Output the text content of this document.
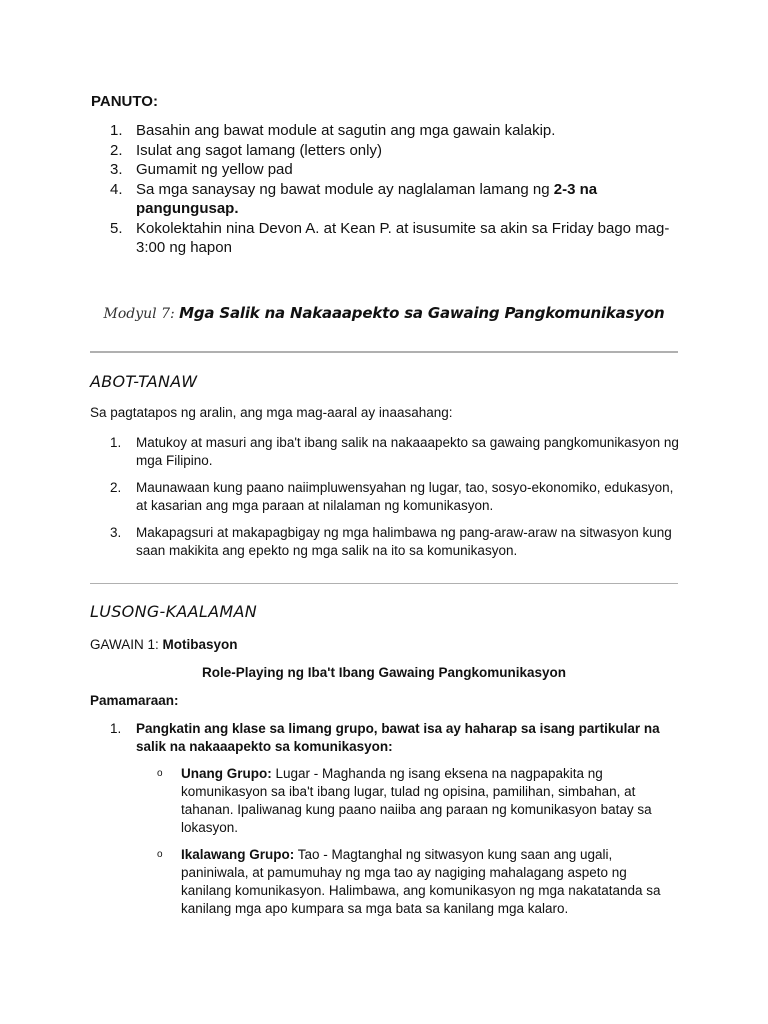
PANUTO:
1. Basahin ang bawat module at sagutin ang mga gawain kalakip.
2. Isulat ang sagot lamang (letters only)
3. Gumamit ng yellow pad
4. Sa mga sanaysay ng bawat module ay naglalaman lamang ng 2-3 na pangungusap.
5. Kokolektahin nina Devon A. at Kean P. at isusumite sa akin sa Friday bago mag-3:00 ng hapon
Modyul 7: Mga Salik na Nakaaapekto sa Gawaing Pangkomunikasyon
ABOT-TANAW
Sa pagtatapos ng aralin, ang mga mag-aaral ay inaasahang:
1. Matukoy at masuri ang iba't ibang salik na nakaaapekto sa gawaing pangkomunikasyon ng mga Filipino.
2. Maunawaan kung paano naiimpluwensyahan ng lugar, tao, sosyo-ekonomiko, edukasyon, at kasarian ang mga paraan at nilalaman ng komunikasyon.
3. Makapagsuri at makapagbigay ng mga halimbawa ng pang-araw-araw na sitwasyon kung saan makikita ang epekto ng mga salik na ito sa komunikasyon.
LUSONG-KAALAMAN
GAWAIN 1: Motibasyon
Role-Playing ng Iba't Ibang Gawaing Pangkomunikasyon
Pamamaraan:
1. Pangkatin ang klase sa limang grupo, bawat isa ay haharap sa isang partikular na salik na nakaaapekto sa komunikasyon:
o Unang Grupo: Lugar - Maghanda ng isang eksena na nagpapakita ng komunikasyon sa iba't ibang lugar, tulad ng opisina, pamilihan, simbahan, at tahanan. Ipaliwanag kung paano naiiba ang paraan ng komunikasyon batay sa lokasyon.
o Ikalawang Grupo: Tao - Magtanghal ng sitwasyon kung saan ang ugali, paniniwala, at pamumuhay ng mga tao ay nagiging mahalagang aspeto ng kanilang komunikasyon. Halimbawa, ang komunikasyon ng mga nakatatanda sa kanilang mga apo kumpara sa mga bata sa kanilang mga kalaro.
